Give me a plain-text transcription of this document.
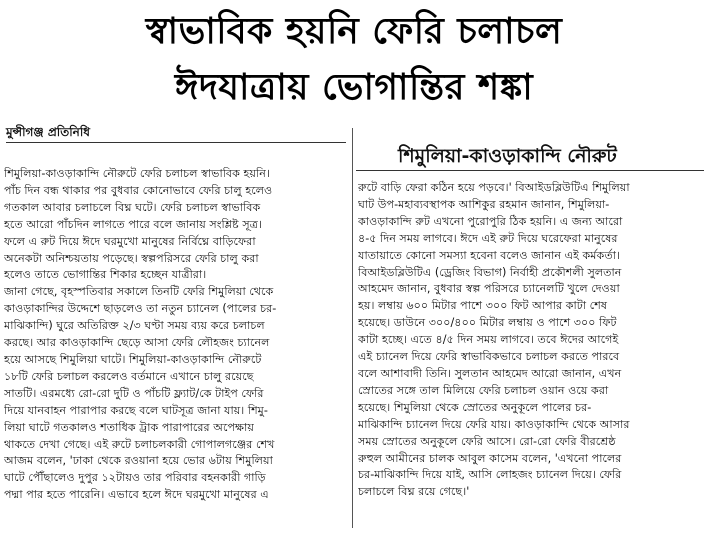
স্বাভাবিক হয়নি ফেরি চলাচল
ঈদযাত্রায় ভোগান্তির শঙ্কা
মুন্সীগঞ্জ প্রতিনিধি
শিমুলিয়া-কাওড়াকান্দি নৌরুট
শিমুলিয়া-কাওড়াকান্দি নৌরুটে ফেরি চলাচল স্বাভাবিক হয়নি।
পাঁচ দিন বন্ধ থাকার পর বুধবার কোনোভাবে ফেরি চালু হলেও
গতকাল আবার চলাচলে বিঘ্ন ঘটে। ফেরি চলাচল স্বাভাবিক
হতে আরো পাঁচদিন লাগতে পারে বলে জানায় সংশ্লিষ্ট সূত্র।
ফলে এ রুট দিয়ে ঈদে ঘরমুখো মানুষের নির্বিঘ্নে বাড়িফেরা
অনেকটা অনিশ্চয়তায় পড়েছে। স্বল্পপরিসরে ফেরি চালু করা
হলেও তাতে ভোগান্তির শিকার হচ্ছেন যাত্রীরা।
জানা গেছে, বৃহস্পতিবার সকালে তিনটি ফেরি শিমুলিয়া থেকে
কাওড়াকান্দির উদ্দেশে ছাড়লেও তা নতুন চ্যানেল (পালের চর-
মাঝিকান্দি) ঘুরে অতিরিক্ত ২/৩ ঘণ্টা সময় ব্যয় করে চলাচল
করছে। আর কাওড়াকান্দি ছেড়ে আসা ফেরি লৌহজং চ্যানেল
হয়ে আসছে শিমুলিয়া ঘাটে। শিমুলিয়া-কাওড়াকান্দি নৌরুটে
১৮টি ফেরি চলাচল করলেও বর্তমানে এখানে চালু রয়েছে
সাতটি। এরমধ্যে রো-রো দুটি ও পাঁচটি ফ্ল্যাট/কে টাইপ ফেরি
দিয়ে যানবাহন পারাপার করছে বলে ঘাটসূত্র জানা যায়। শিমু-
লিয়া ঘাটে গতকালও শতাধিক ট্রাক পারাপারের অপেক্ষায়
থাকতে দেখা গেছে। এই রুটে চলাচলকারী গোপালগঞ্জের শেখ
আজম বলেন, 'ঢাকা থেকে রওয়ানা হয়ে ভোর ৬টায় শিমুলিয়া
ঘাটে পৌঁছালেও দুপুর ১২টায়ও তার পরিবার বহনকারী গাড়ি
পদ্মা পার হতে পারেনি। এভাবে হলে ঈদে ঘরমুখো মানুষের এ
রুটে বাড়ি ফেরা কঠিন হয়ে পড়বে।' বিআইডব্লিউটিএ শিমুলিয়া
ঘাট উপ-মহাব্যবস্থাপক আশিকুর রহমান জানান, শিমুলিয়া-
কাওড়াকান্দি রুট এখনো পুরোপুরি ঠিক হয়নি। এ জন্য আরো
৪-৫ দিন সময় লাগবে। ঈদে এই রুট দিয়ে ঘরেফেরা মানুষের
যাতায়াতে কোনো সমস্যা হবেনা বলেও জানান এই কর্মকর্তা।
বিআইডব্লিউটিএ (ড্রেজিং বিভাগ) নির্বাহী প্রকৌশলী সুলতান
আহমেদ জানান, বুধবার স্বল্প পরিসরে চ্যানেলটি খুলে দেওয়া
হয়। লম্বায় ৬০০ মিটার পাশে ৩০০ ফিট আপার কাটা শেষ
হয়েছে। ডাউনে ৩০০/৪০০ মিটার লম্বায় ও পাশে ৩০০ ফিট
কাটা হচ্ছে। এতে ৪/৫ দিন সময় লাগবে। তবে ঈদের আগেই
এই চ্যানেল দিয়ে ফেরি স্বাভাবিকভাবে চলাচল করতে পারবে
বলে আশাবাদী তিনি। সুলতান আহমেদ আরো জানান, এখন
স্রোতের সঙ্গে তাল মিলিয়ে ফেরি চলাচল ওয়ান ওয়ে করা
হয়েছে। শিমুলিয়া থেকে স্রোতের অনুকূলে পালের চর-
মাঝিকান্দি চ্যানেল দিয়ে ফেরি যায়। কাওড়াকান্দি থেকে আসার
সময় স্রোতের অনুকূলে ফেরি আসে। রো-রো ফেরি বীরশ্রেষ্ঠ
রুহুল আমীনের চালক আবুল কাসেম বলেন, 'এখনো পালের
চর-মাঝিকান্দি দিয়ে যাই, আসি লোহজং চ্যানেল দিয়ে। ফেরি
চলাচলে বিঘ্ন রয়ে গেছে।'
